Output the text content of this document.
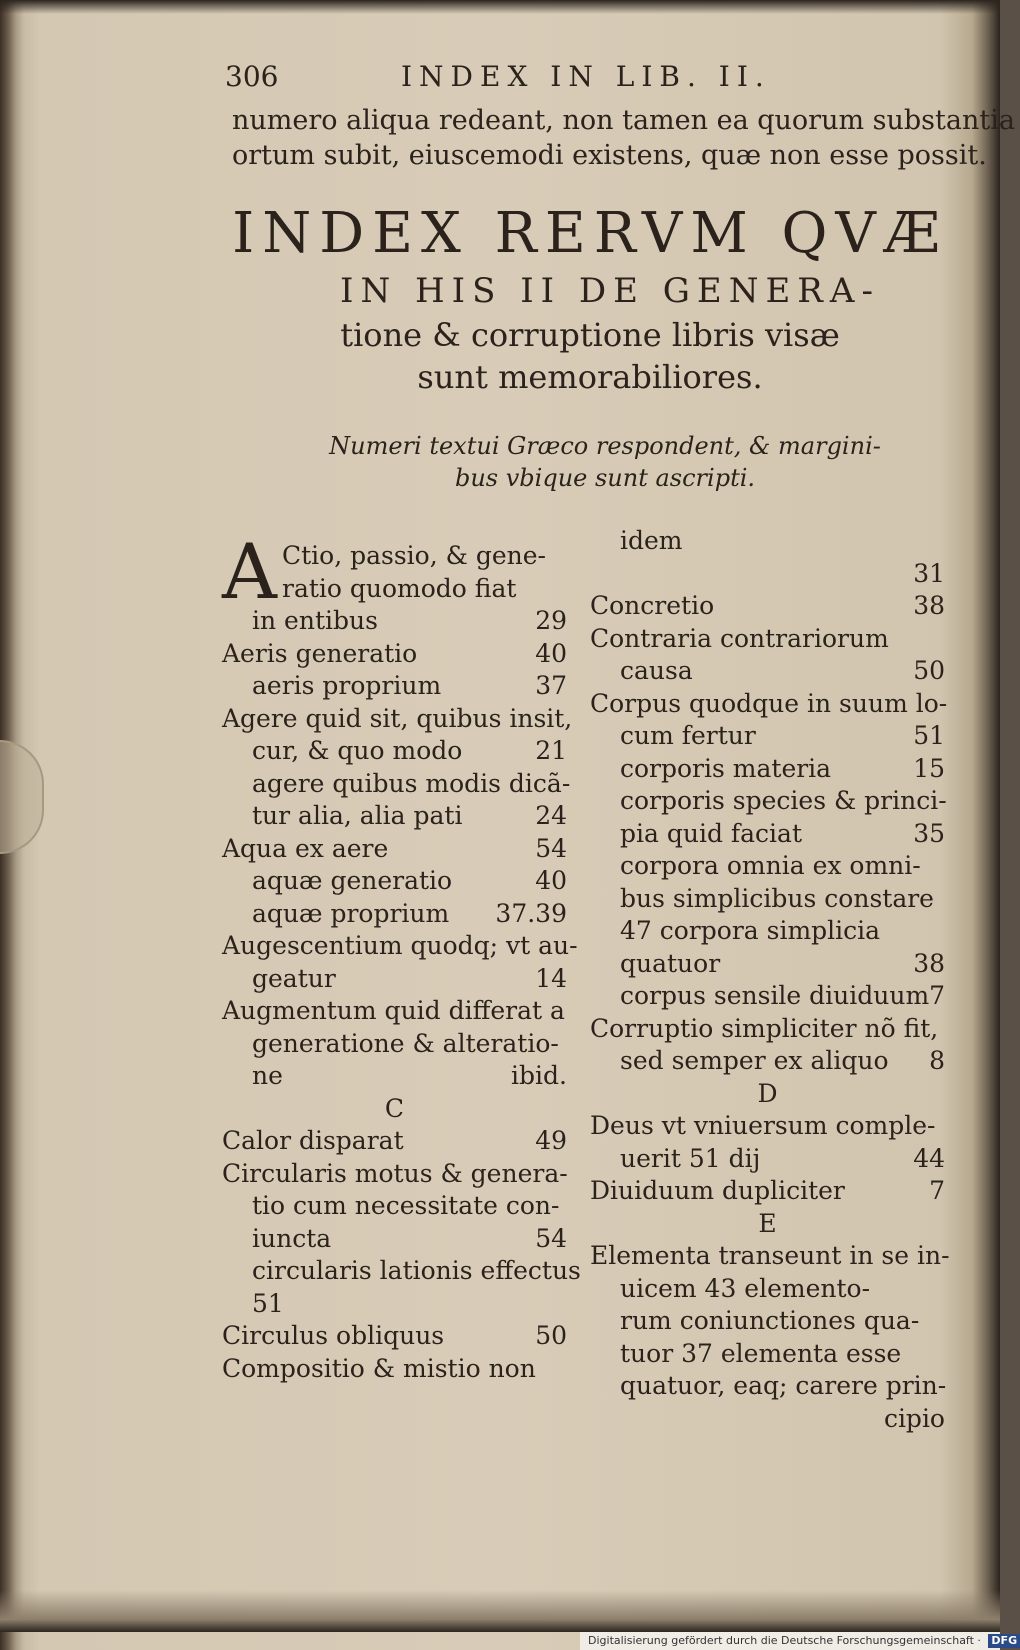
306	INDEX IN LIB. II.
numero aliqua redeant, non tamen ea quorum substantia
ortum subit, eiuscemodi existens, quæ non esse possit.
INDEX RERVM QVÆ
IN HIS II DE GENERA-
tione & corruptione libris visæ
sunt memorabiliores.
Numeri textui Græco respondent, & margini-
bus vbique sunt ascripti.
A Ctio, passio, & gene-
ratio quomodo fiat
in entibus	29
Aeris generatio	40
aeris proprium	37
Agere quid sit, quibus insit,
cur, & quo modo	21
agere quibus modis dicã-
tur alia, alia pati	24
Aqua ex aere	54
aquæ generatio	40
aquæ proprium 37.39
Augescentium quodq; vt au-
geatur	14
Augmentum quid differat a
generatione & alteratio-
ne	ibid.
C
Calor disparat	49
Circularis motus & genera-
tio cum necessitate con-
iuncta	54
circularis lationis effectus
51
Circulus obliquus	50
Compositio & mistio non
idem
31
Concretio	38
Contraria contrariorum
causa	50
Corpus quodque in suum lo-
cum fertur	51
corporis materia	15
corporis species & princi-
pia quid faciat	35
corpora omnia ex omni-
bus simplicibus constare
47 corpora simplicia
quatuor	38
corpus sensile diuiduum 7
Corruptio simpliciter nõ fit,
sed semper ex aliquo 8
D
Deus vt vniuersum comple-
uerit 51 dij	44
Diuiduum dupliciter	7
E
Elementa transeunt in se in-
uicem 43 elemento-
rum coniunctiones qua-
tuor 37 elementa esse
quatuor, eaq; carere prin-
cipio
Digitalisierung gefördert durch die Deutsche Forschungsgemeinschaft · DFG
